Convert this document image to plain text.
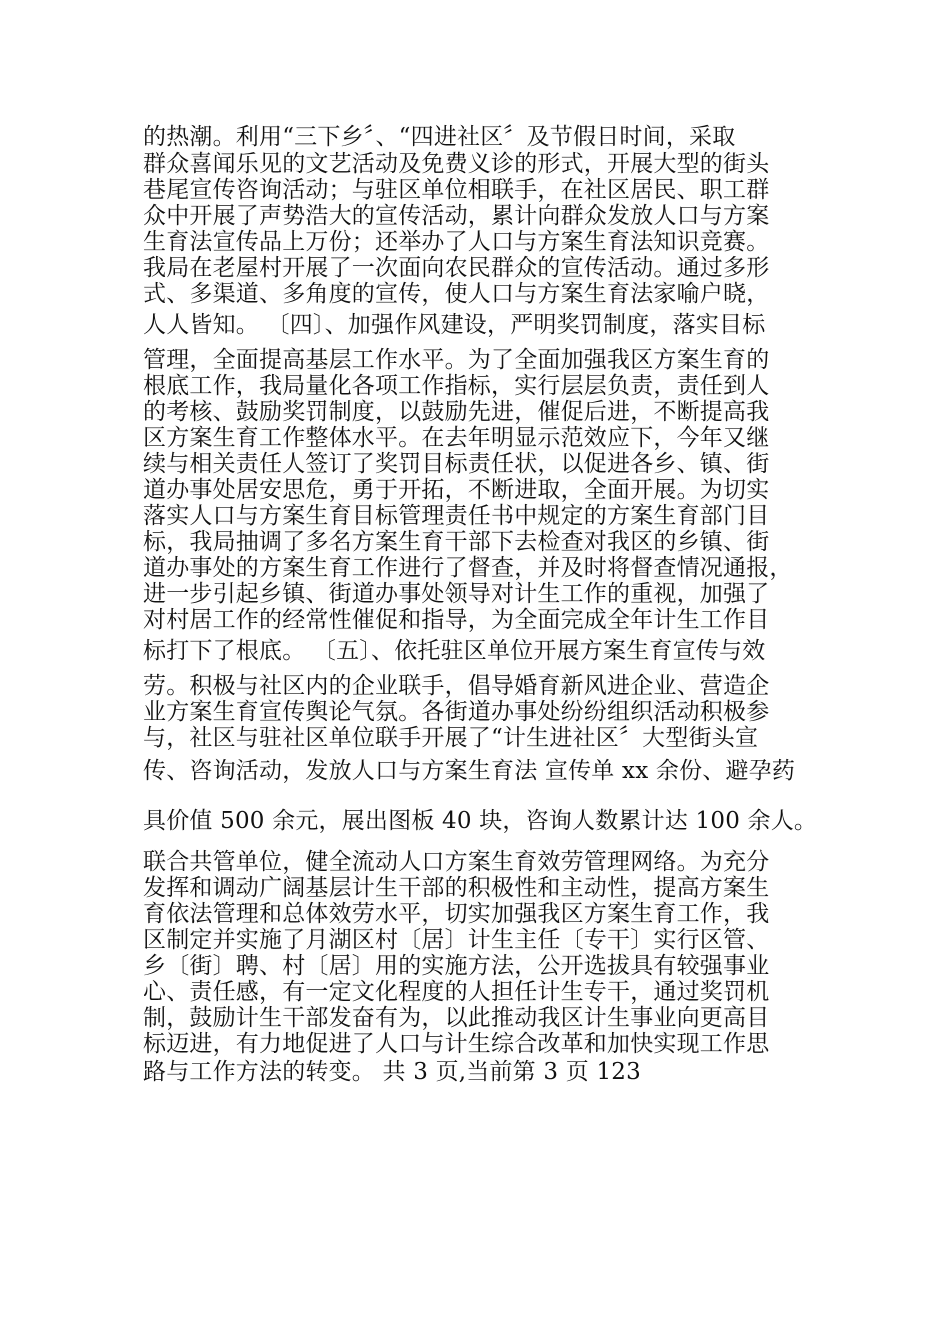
的热潮。利用“三下乡〞、“四进社区〞及节假日时间，采取
群众喜闻乐见的文艺活动及免费义诊的形式，开展大型的街头
巷尾宣传咨询活动；与驻区单位相联手，在社区居民、职工群
众中开展了声势浩大的宣传活动，累计向群众发放人口与方案
生育法宣传品上万份；还举办了人口与方案生育法知识竞赛。
我局在老屋村开展了一次面向农民群众的宣传活动。通过多形
式、多渠道、多角度的宣传，使人口与方案生育法家喻户晓，
人人皆知。 〔四〕、加强作风建设，严明奖罚制度，落实目标
管理，全面提高基层工作水平。为了全面加强我区方案生育的
根底工作，我局量化各项工作指标，实行层层负责，责任到人
的考核、鼓励奖罚制度，以鼓励先进，催促后进，不断提高我
区方案生育工作整体水平。在去年明显示范效应下，今年又继
续与相关责任人签订了奖罚目标责任状，以促进各乡、镇、街
道办事处居安思危，勇于开拓，不断进取，全面开展。为切实
落实人口与方案生育目标管理责任书中规定的方案生育部门目
标，我局抽调了多名方案生育干部下去检查对我区的乡镇、街
道办事处的方案生育工作进行了督查，并及时将督查情况通报，
进一步引起乡镇、街道办事处领导对计生工作的重视，加强了
对村居工作的经常性催促和指导，为全面完成全年计生工作目
标打下了根底。 〔五〕、依托驻区单位开展方案生育宣传与效
劳。积极与社区内的企业联手，倡导婚育新风进企业、营造企
业方案生育宣传舆论气氛。各街道办事处纷纷组织活动积极参
与，社区与驻社区单位联手开展了“计生进社区〞大型街头宣
传、咨询活动，发放人口与方案生育法 宣传单 xx 余份、避孕药
具价值 500 余元，展出图板 40 块，咨询人数累计达 100 余人。
联合共管单位，健全流动人口方案生育效劳管理网络。为充分
发挥和调动广阔基层计生干部的积极性和主动性，提高方案生
育依法管理和总体效劳水平，切实加强我区方案生育工作，我
区制定并实施了月湖区村〔居〕计生主任〔专干〕实行区管、
乡〔街〕聘、村〔居〕用的实施方法，公开选拔具有较强事业
心、责任感，有一定文化程度的人担任计生专干，通过奖罚机
制，鼓励计生干部发奋有为，以此推动我区计生事业向更高目
标迈进，有力地促进了人口与计生综合改革和加快实现工作思
路与工作方法的转变。 共 3 页,当前第 3 页 123
